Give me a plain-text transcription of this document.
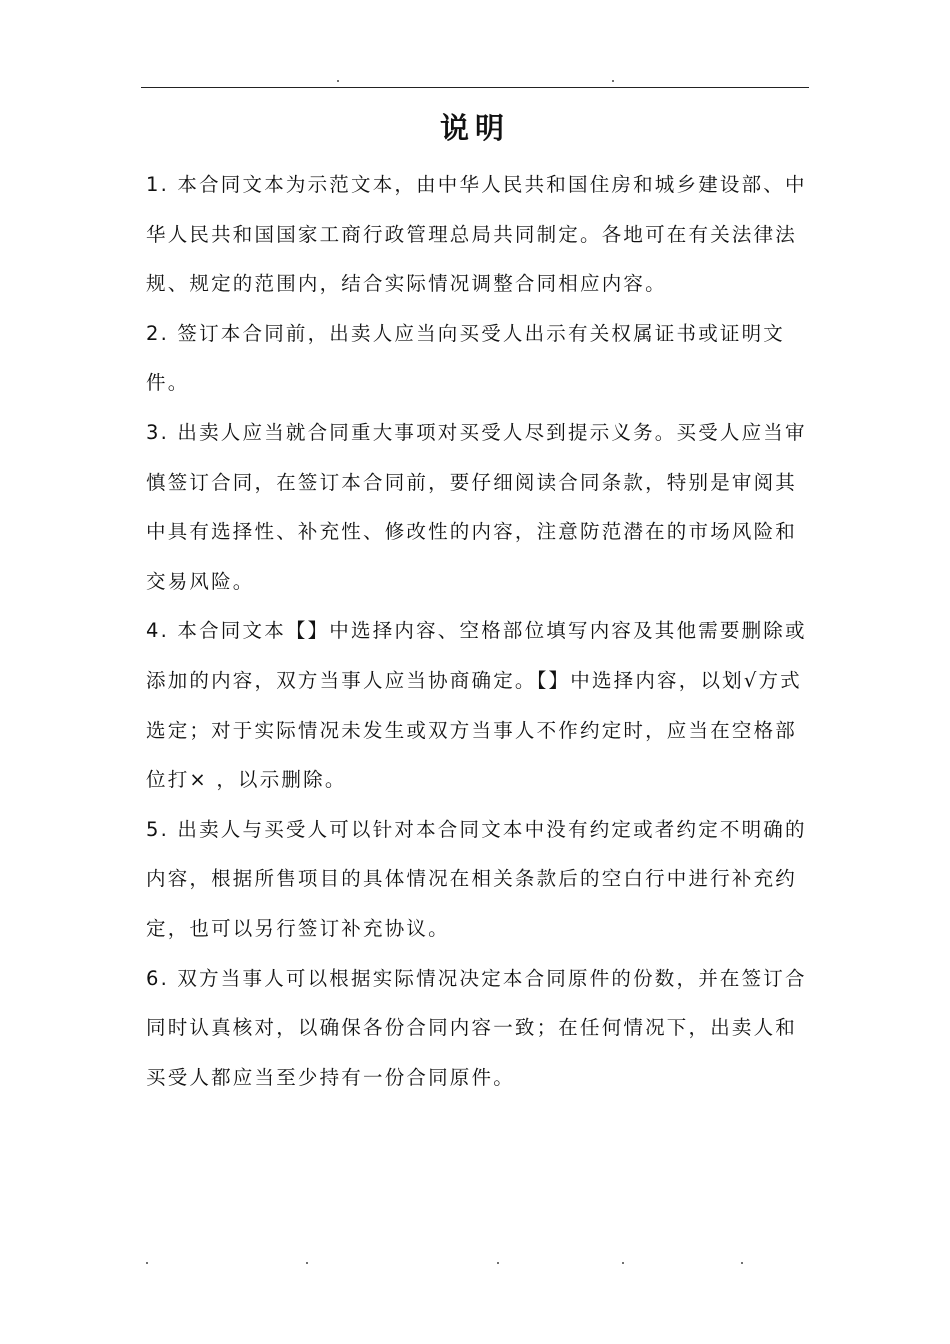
说明

1. 本合同文本为示范文本，由中华人民共和国住房和城乡建设部、中华人民共和国国家工商行政管理总局共同制定。各地可在有关法律法规、规定的范围内，结合实际情况调整合同相应内容。

2. 签订本合同前，出卖人应当向买受人出示有关权属证书或证明文件。

3. 出卖人应当就合同重大事项对买受人尽到提示义务。买受人应当审慎签订合同，在签订本合同前，要仔细阅读合同条款，特别是审阅其中具有选择性、补充性、修改性的内容，注意防范潜在的市场风险和交易风险。

4. 本合同文本【】中选择内容、空格部位填写内容及其他需要删除或添加的内容，双方当事人应当协商确定。【】中选择内容，以划√方式选定；对于实际情况未发生或双方当事人不作约定时，应当在空格部位打× ，以示删除。

5. 出卖人与买受人可以针对本合同文本中没有约定或者约定不明确的内容，根据所售项目的具体情况在相关条款后的空白行中进行补充约定，也可以另行签订补充协议。

6. 双方当事人可以根据实际情况决定本合同原件的份数，并在签订合同时认真核对，以确保各份合同内容一致；在任何情况下，出卖人和买受人都应当至少持有一份合同原件。
